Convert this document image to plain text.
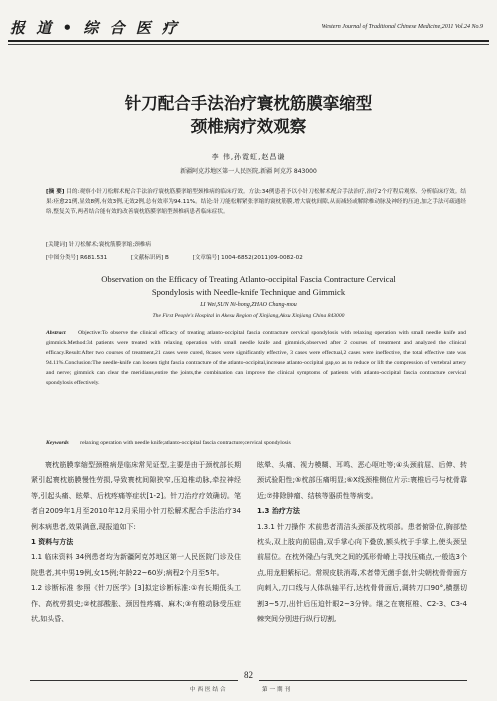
报 道 • 综 合 医 疗	Western Journal of Traditional Chinese Medicine,2011 Vol.24 No.9
针刀配合手法治疗寰枕筋膜挛缩型
颈椎病疗效观察
李 伟,孙霓虹,赵昌谦
新疆阿克苏地区第一人民医院,新疆 阿克苏 843000
[摘 要] 目的:观察小针刀松解术配合手法治疗寰枕筋膜挛缩型颈椎病的临床疗效。方法:34例患者予以小针刀松解术配合手法治疗,治疗2个疗程后观察、分析临床疗效。结果:痊愈21例,显效8例,有效3例,无效2例,总有效率为94.11%。结论:针刀能松解紧张挛缩的寰枕筋膜,增大寰枕间隙,从而减轻或解除椎动脉及神经的压迫,加之手法可疏通经络,整复关节,两者结合能有效的改善寰枕筋膜挛缩型颈椎病患者临床症状。
[关键词] 针刀松解术;寰枕筋膜挛缩;颈椎病
[中图分类号] R681.531	[文献标识码] B	[文章编号] 1004-6852(2011)09-0082-02
Observation on the Efficacy of Treating Atlanto-occipital Fascia Contracture Cervical
Spondylosis with Needle-knife Technique and Gimmick
LI Wei,SUN Ni-hong,ZHAO Chang-mou
The First People's Hospital in Akesu Region of Xinjiang,Aksu Xinjiang China 843000
Abstract Objective:To observe the clinical efficacy of treating atlanto-occipital fascia contracture cervical spondylosis with relaxing operation with small needle knife and gimmick.Method:34 patients were treated with relaxing operation with small needle knife and gimmick,observed after 2 courses of treatment and analyzed the clinical efficacy.Result:After two courses of treatment,21 cases were cured, 8cases were significantly effective, 3 cases were effectual,2 cases were ineffective, the total effective rate was 94.11%.Conclusion:The needle-knife can loosen tight fascia contracture of the atlanto-occipital,increase atlanto-occipital gap,so as to reduce or lift the compression of vertebral artery and nerve; gimmick can clear the meridians,entire the joints,the combination can improve the clinical symptoms of patients with atlanto-occipital fascia contracture cervical spondylosis effectively.
Keywords relaxing operation with needle knife;atlanto-occipital fascia contracture;cervical spondylosis

寰枕筋膜挛缩型颈椎病是临床常见证型,主要是由于颈枕部长期紧引起寰枕筋膜慢性劳损,导致寰枕间隙狭窄,压迫椎动脉,牵拉神经等,引起头痛、眩晕、后枕疼痛等症状[1-2]。针刀治疗疗效确切。笔者自2009年1月至2010年12月采用小针刀松解术配合手法治疗34例本病患者,效果满意,现报道如下:

1 资料与方法

1.1 临床资料 34例患者均为新疆阿克苏地区第一人民医院门诊及住院患者,其中男19例,女15例;年龄22~60岁;病程2个月至5年。

1.2 诊断标准 参照《针刀医学》[3]拟定诊断标准:①有长期低头工作、高枕劳损史;②枕部酸胀、颈因性疼痛、麻木;③有椎动脉受压症状,如头昏、

眩晕、头痛、视力模糊、耳鸣、恶心呕吐等;④头颈前屈、后伸、转颈试验阳性;⑤枕部压痛明显;⑥X线颈椎侧位片示:寰椎后弓与枕骨靠近;⑦排除肿瘤、结核等器质性等病变。

1.3 治疗方法

1.3.1 针刀操作 术前患者清洁头颈部及枕项部。患者俯卧位,胸部垫枕头,双上肢向前屈曲,双手掌心向下叠放,额头枕于手掌上,使头颈呈前屈位。在枕外隆凸与乳突之间的弧形骨嵴上寻找压痛点,一般选3个点,用龙胆紫标记。常规皮肤消毒,术者带无菌手套,针尖朝枕骨骨面方向刺入,刀口线与人体纵轴平行,达枕骨骨面后,调转刀口90°,横摆切割3~5刀,出针后压迫针眼2~3分钟。继之在寰枢椎、C2-3、C3-4棘突间分别进行纵行切割,

82
中西医结合	第一期刊
